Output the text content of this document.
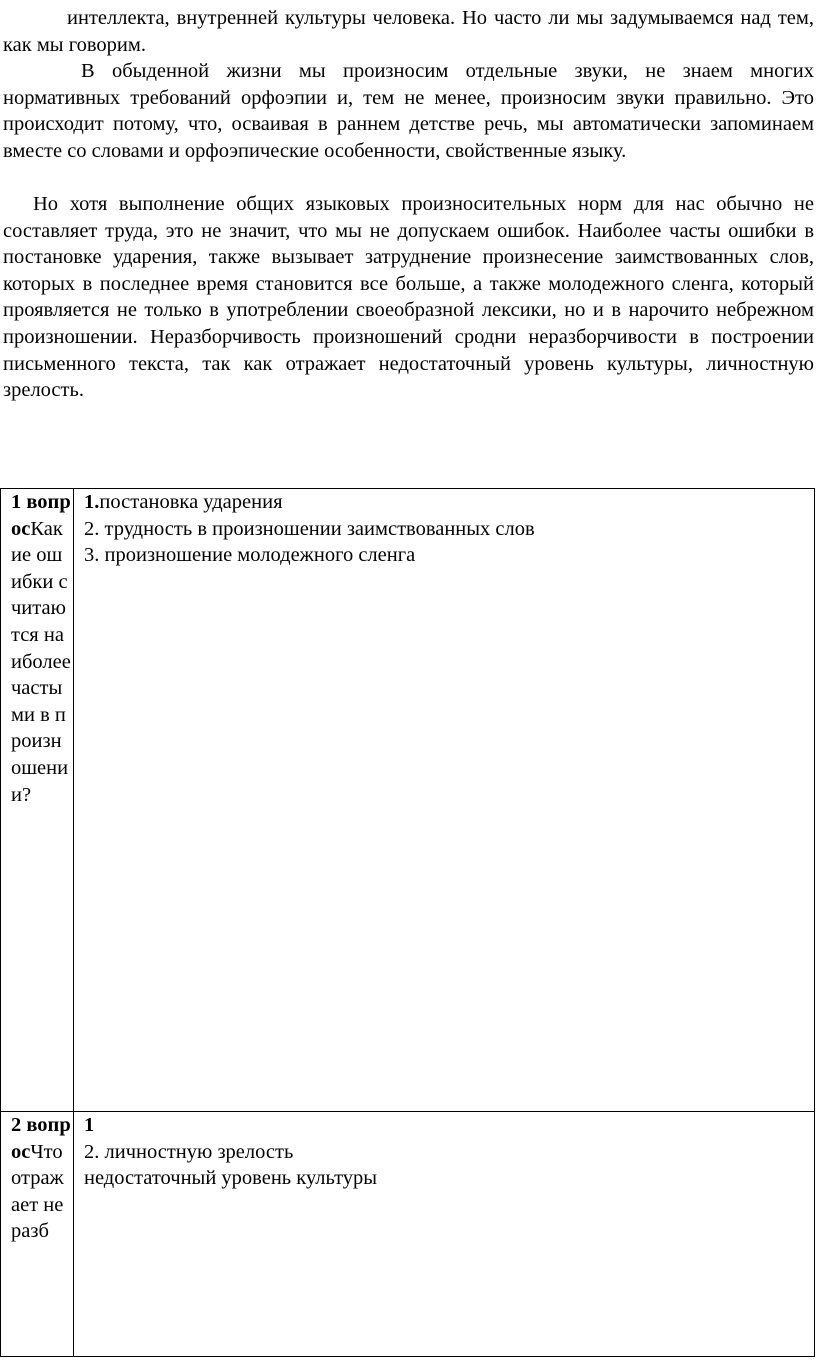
интеллекта, внутренней культуры человека. Но часто ли мы задумываемся над тем, как мы говорим.

В обыденной жизни мы произносим отдельные звуки, не знаем многих нормативных требований орфоэпии и, тем не менее, произносим звуки правильно. Это происходит потому, что, осваивая в раннем детстве речь, мы автоматически запоминаем вместе со словами и орфоэпические особенности, свойственные языку.

Но хотя выполнение общих языковых произносительных норм для нас обычно не составляет труда, это не значит, что мы не допускаем ошибок. Наиболее часты ошибки в постановке ударения, также вызывает затруднение произнесение заимствованных слов, которых в последнее время становится все больше, а также молодежного сленга, который проявляется не только в употреблении своеобразной лексики, но и в нарочито небрежном произношении. Неразборчивость произношений сродни неразборчивости в построении письменного текста, так как отражает недостаточный уровень культуры, личностную зрелость.

1 вопросКакие ошибки считаются наиболее частыми в произношении?	1.постановка ударения
2. трудность в произношении заимствованных слов
3. произношение молодежного сленга

2 вопросЧто отражает неразб	1
2. личностную зрелость
недостаточный уровень культуры
